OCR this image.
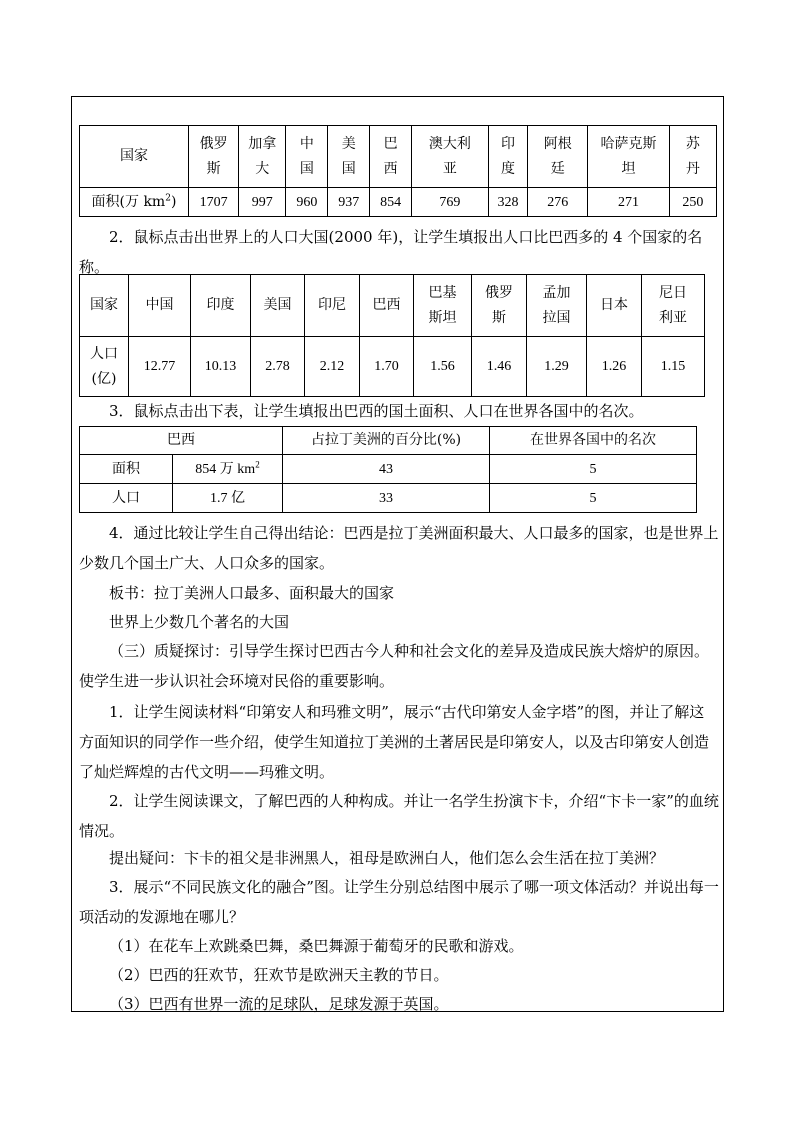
国家	俄罗斯	加拿大	中国	美国	巴西	澳大利亚	印度	阿根廷	哈萨克斯坦	苏丹
面积(万 $km^2$)	1707	997	960	937	854	769	328	276	271	250

2．鼠标点击出世界上的人口大国(2000 年)，让学生填报出人口比巴西多的 4 个国家的名称。

国家	中国	印度	美国	印尼	巴西	巴基斯坦	俄罗斯	孟加拉国	日本	尼日利亚
人口(亿)	12.77	10.13	2.78	2.12	1.70	1.56	1.46	1.29	1.26	1.15

3．鼠标点击出下表，让学生填报出巴西的国土面积、人口在世界各国中的名次。

巴西		占拉丁美洲的百分比(%)	在世界各国中的名次
面积	854 万 $km^2$	43	5
人口	1.7 亿	33	5

4．通过比较让学生自己得出结论：巴西是拉丁美洲面积最大、人口最多的国家，也是世界上少数几个国土广大、人口众多的国家。

板书：拉丁美洲人口最多、面积最大的国家

世界上少数几个著名的大国

（三）质疑探讨：引导学生探讨巴西古今人种和社会文化的差异及造成民族大熔炉的原因。使学生进一步认识社会环境对民俗的重要影响。

1．让学生阅读材料“印第安人和玛雅文明”，展示“古代印第安人金字塔”的图，并让了解这方面知识的同学作一些介绍，使学生知道拉丁美洲的土著居民是印第安人，以及古印第安人创造了灿烂辉煌的古代文明——玛雅文明。

2．让学生阅读课文，了解巴西的人种构成。并让一名学生扮演卞卡，介绍“卞卡一家”的血统情况。

提出疑问：卞卡的祖父是非洲黑人，祖母是欧洲白人，他们怎么会生活在拉丁美洲？

3．展示“不同民族文化的融合”图。让学生分别总结图中展示了哪一项文体活动？并说出每一项活动的发源地在哪儿？

（1）在花车上欢跳桑巴舞，桑巴舞源于葡萄牙的民歌和游戏。

（2）巴西的狂欢节，狂欢节是欧洲天主教的节日。

（3）巴西有世界一流的足球队，足球发源于英国。
